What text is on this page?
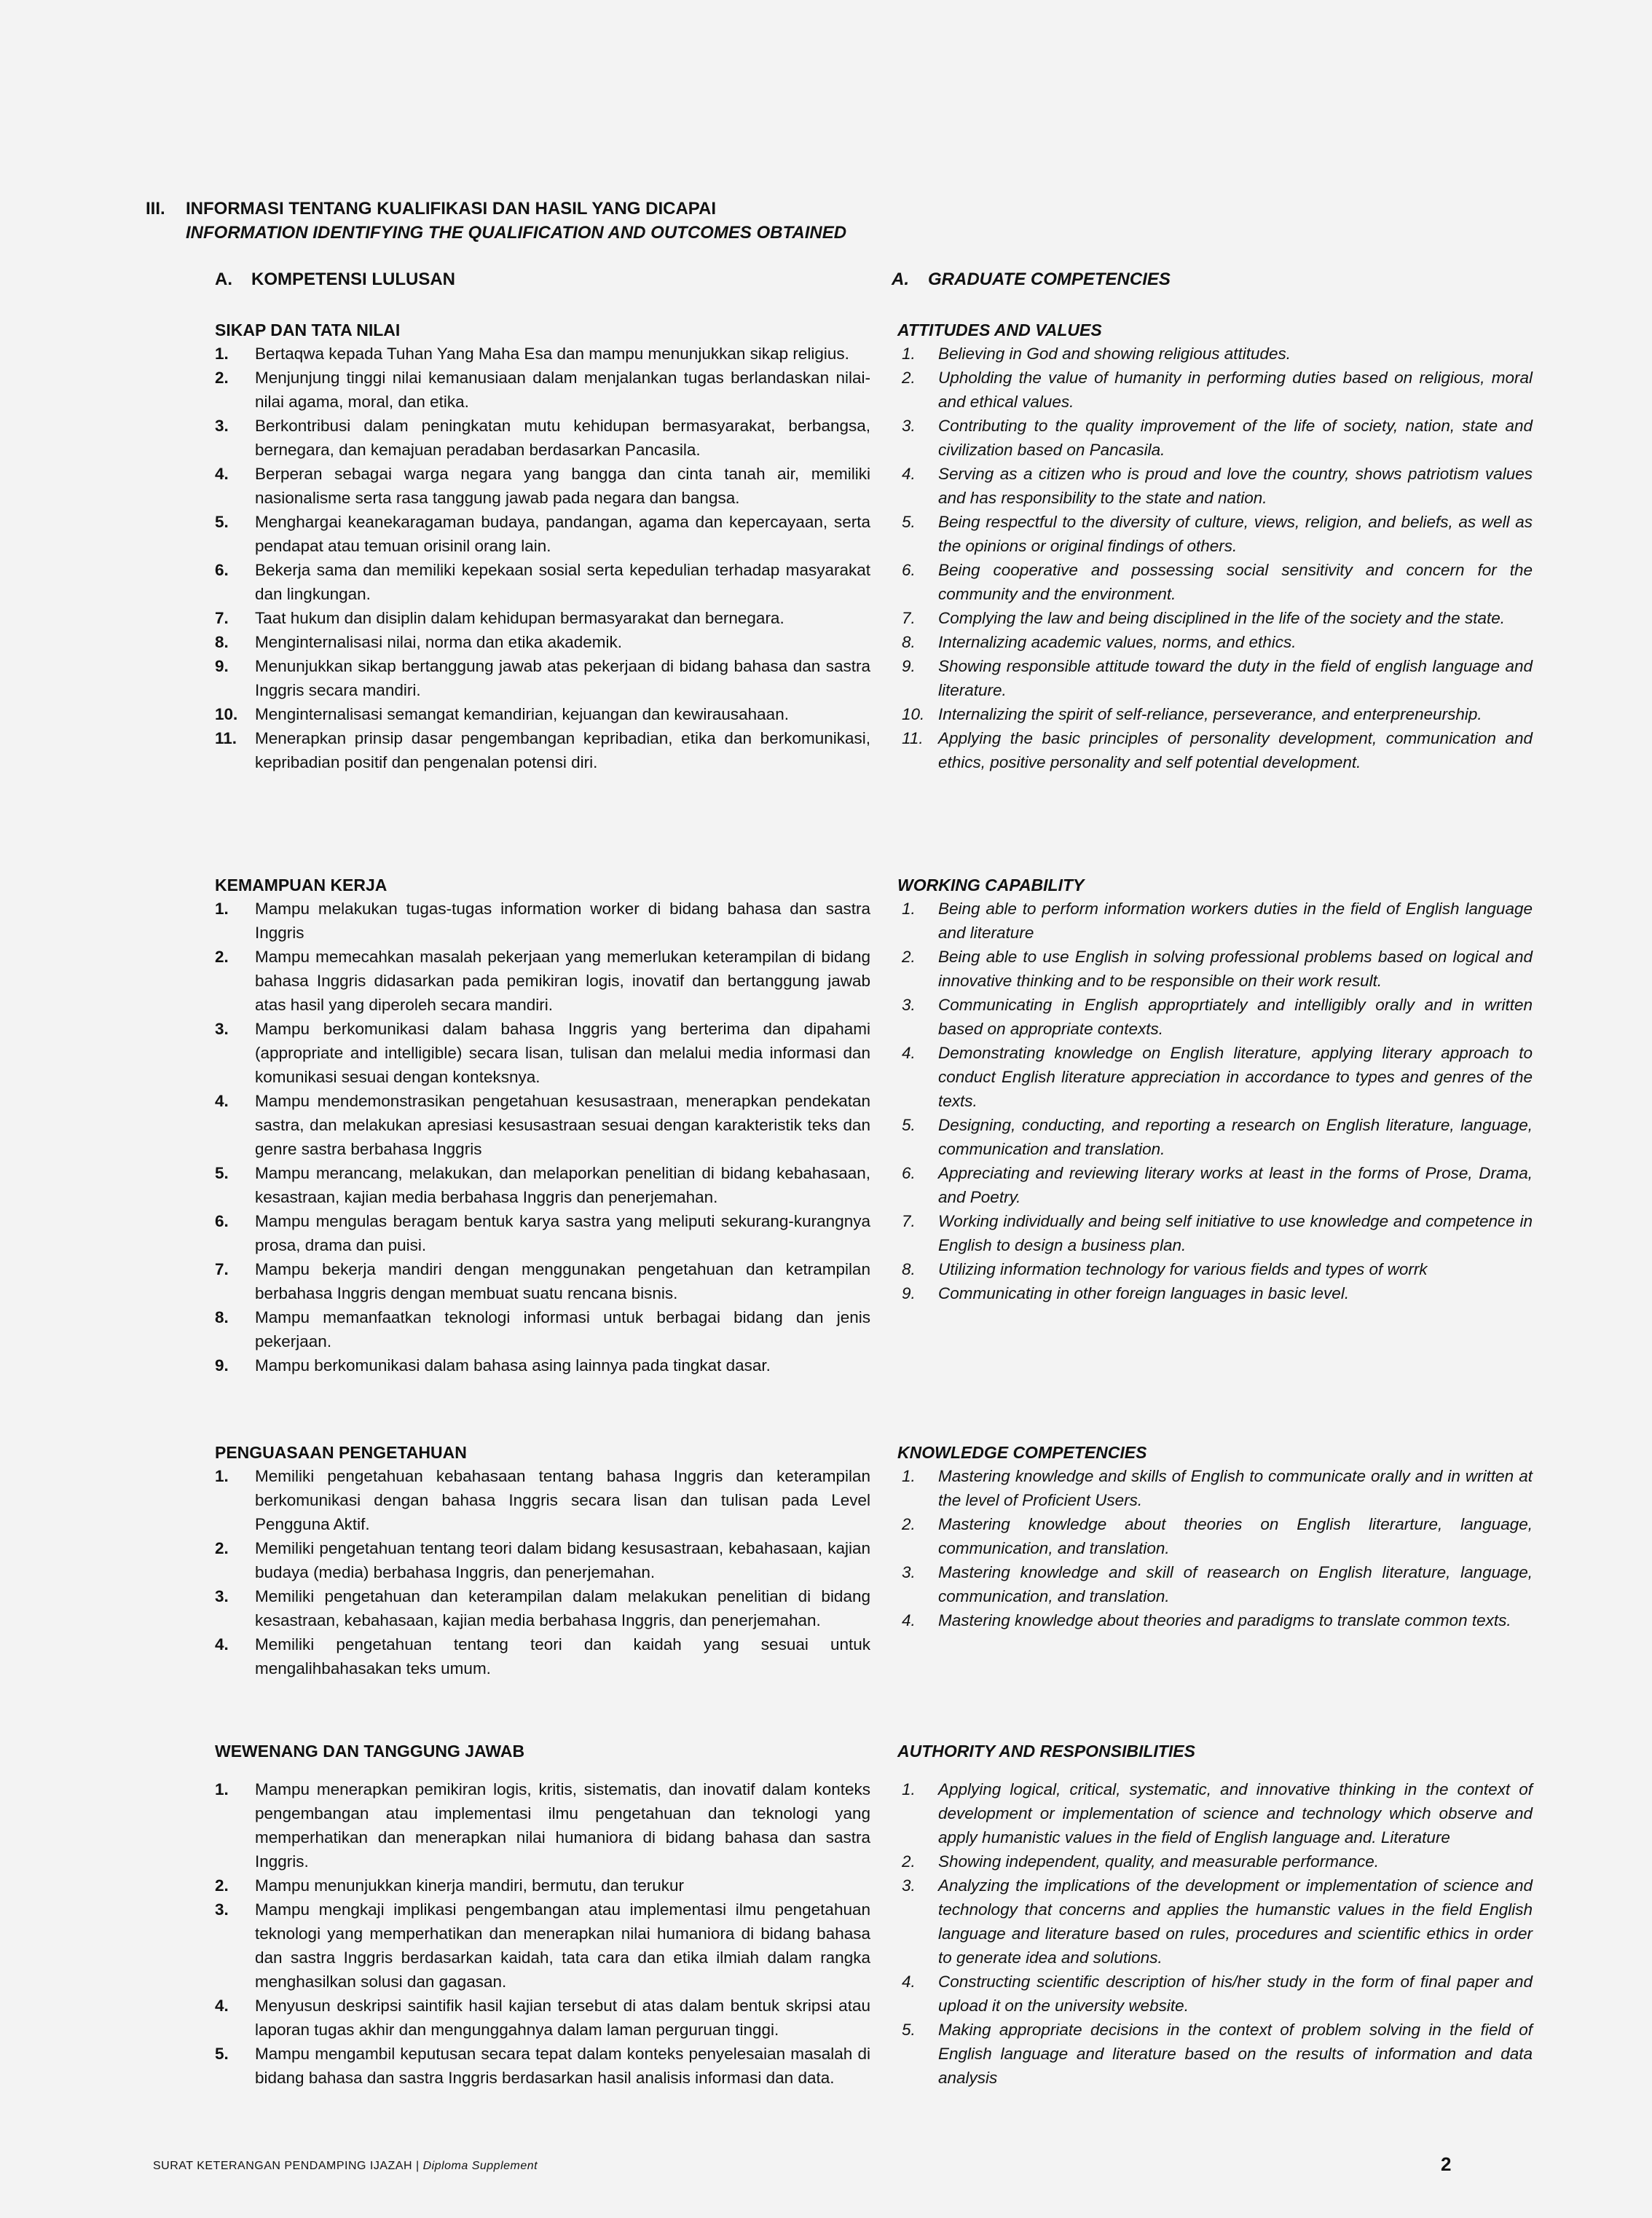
III. INFORMASI TENTANG KUALIFIKASI DAN HASIL YANG DICAPAI
INFORMATION IDENTIFYING THE QUALIFICATION AND OUTCOMES OBTAINED
A. KOMPETENSI LULUSAN	A. GRADUATE COMPETENCIES
SIKAP DAN TATA NILAI
1. Bertaqwa kepada Tuhan Yang Maha Esa dan mampu menunjukkan sikap religius.
2. Menjunjung tinggi nilai kemanusiaan dalam menjalankan tugas berlandaskan nilai-nilai agama, moral, dan etika.
3. Berkontribusi dalam peningkatan mutu kehidupan bermasyarakat, berbangsa, bernegara, dan kemajuan peradaban berdasarkan Pancasila.
4. Berperan sebagai warga negara yang bangga dan cinta tanah air, memiliki nasionalisme serta rasa tanggung jawab pada negara dan bangsa.
5. Menghargai keanekaragaman budaya, pandangan, agama dan kepercayaan, serta pendapat atau temuan orisinil orang lain.
6. Bekerja sama dan memiliki kepekaan sosial serta kepedulian terhadap masyarakat dan lingkungan.
7. Taat hukum dan disiplin dalam kehidupan bermasyarakat dan bernegara.
8. Menginternalisasi nilai, norma dan etika akademik.
9. Menunjukkan sikap bertanggung jawab atas pekerjaan di bidang bahasa dan sastra Inggris secara mandiri.
10. Menginternalisasi semangat kemandirian, kejuangan dan kewirausahaan.
11. Menerapkan prinsip dasar pengembangan kepribadian, etika dan berkomunikasi, kepribadian positif dan pengenalan potensi diri.
KEMAMPUAN KERJA
1. Mampu melakukan tugas-tugas information worker di bidang bahasa dan sastra Inggris
2. Mampu memecahkan masalah pekerjaan yang memerlukan keterampilan di bidang bahasa Inggris didasarkan pada pemikiran logis, inovatif dan bertanggung jawab atas hasil yang diperoleh secara mandiri.
3. Mampu berkomunikasi dalam bahasa Inggris yang berterima dan dipahami (appropriate and intelligible) secara lisan, tulisan dan melalui media informasi dan komunikasi sesuai dengan konteksnya.
4. Mampu mendemonstrasikan pengetahuan kesusastraan, menerapkan pendekatan sastra, dan melakukan apresiasi kesusastraan sesuai dengan karakteristik teks dan genre sastra berbahasa Inggris
5. Mampu merancang, melakukan, dan melaporkan penelitian di bidang kebahasaan, kesastraan, kajian media berbahasa Inggris dan penerjemahan.
6. Mampu mengulas beragam bentuk karya sastra yang meliputi sekurang-kurangnya prosa, drama dan puisi.
7. Mampu bekerja mandiri dengan menggunakan pengetahuan dan ketrampilan berbahasa Inggris dengan membuat suatu rencana bisnis.
8. Mampu memanfaatkan teknologi informasi untuk berbagai bidang dan jenis pekerjaan.
9. Mampu berkomunikasi dalam bahasa asing lainnya pada tingkat dasar.
PENGUASAAN PENGETAHUAN
1. Memiliki pengetahuan kebahasaan tentang bahasa Inggris dan keterampilan berkomunikasi dengan bahasa Inggris secara lisan dan tulisan pada Level Pengguna Aktif.
2. Memiliki pengetahuan tentang teori dalam bidang kesusastraan, kebahasaan, kajian budaya (media) berbahasa Inggris, dan penerjemahan.
3. Memiliki pengetahuan dan keterampilan dalam melakukan penelitian di bidang kesastraan, kebahasaan, kajian media berbahasa Inggris, dan penerjemahan.
4. Memiliki pengetahuan tentang teori dan kaidah yang sesuai untuk mengalihbahasakan teks umum.
WEWENANG DAN TANGGUNG JAWAB
1. Mampu menerapkan pemikiran logis, kritis, sistematis, dan inovatif dalam konteks pengembangan atau implementasi ilmu pengetahuan dan teknologi yang memperhatikan dan menerapkan nilai humaniora di bidang bahasa dan sastra Inggris.
2. Mampu menunjukkan kinerja mandiri, bermutu, dan terukur
3. Mampu mengkaji implikasi pengembangan atau implementasi ilmu pengetahuan teknologi yang memperhatikan dan menerapkan nilai humaniora di bidang bahasa dan sastra Inggris berdasarkan kaidah, tata cara dan etika ilmiah dalam rangka menghasilkan solusi dan gagasan.
4. Menyusun deskripsi saintifik hasil kajian tersebut di atas dalam bentuk skripsi atau laporan tugas akhir dan mengunggahnya dalam laman perguruan tinggi.
5. Mampu mengambil keputusan secara tepat dalam konteks penyelesaian masalah di bidang bahasa dan sastra Inggris berdasarkan hasil analisis informasi dan data.
ATTITUDES AND VALUES
1. Believing in God and showing religious attitudes.
2. Upholding the value of humanity in performing duties based on religious, moral and ethical values.
3. Contributing to the quality improvement of the life of society, nation, state and civilization based on Pancasila.
4. Serving as a citizen who is proud and love the country, shows patriotism values and has responsibility to the state and nation.
5. Being respectful to the diversity of culture, views, religion, and beliefs, as well as the opinions or original findings of others.
6. Being cooperative and possessing social sensitivity and concern for the community and the environment.
7. Complying the law and being disciplined in the life of the society and the state.
8. Internalizing academic values, norms, and ethics.
9. Showing responsible attitude toward the duty in the field of english language and literature.
10. Internalizing the spirit of self-reliance, perseverance, and enterpreneurship.
11. Applying the basic principles of personality development, communication and ethics, positive personality and self potential development.
WORKING CAPABILITY
1. Being able to perform information workers duties in the field of English language and literature
2. Being able to use English in solving professional problems based on logical and innovative thinking and to be responsible on their work result.
3. Communicating in English approprtiately and intelligibly orally and in written based on appropriate contexts.
4. Demonstrating knowledge on English literature, applying literary approach to conduct English literature appreciation in accordance to types and genres of the texts.
5. Designing, conducting, and reporting a research on English literature, language, communication and translation.
6. Appreciating and reviewing literary works at least in the forms of Prose, Drama, and Poetry.
7. Working individually and being self initiative to use knowledge and competence in English to design a business plan.
8. Utilizing information technology for various fields and types of worrk
9. Communicating in other foreign languages in basic level.
KNOWLEDGE COMPETENCIES
1. Mastering knowledge and skills of English to communicate orally and in written at the level of Proficient Users.
2. Mastering knowledge about theories on English literarture, language, communication, and translation.
3. Mastering knowledge and skill of reasearch on English literature, language, communication, and translation.
4. Mastering knowledge about theories and paradigms to translate common texts.
AUTHORITY AND RESPONSIBILITIES
1. Applying logical, critical, systematic, and innovative thinking in the context of development or implementation of science and technology which observe and apply humanistic values in the field of English language and. Literature
2. Showing independent, quality, and measurable performance.
3. Analyzing the implications of the development or implementation of science and technology that concerns and applies the humanstic values in the field English language and literature based on rules, procedures and scientific ethics in order to generate idea and solutions.
4. Constructing scientific description of his/her study in the form of final paper and upload it on the university website.
5. Making appropriate decisions in the context of problem solving in the field of English language and literature based on the results of information and data analysis
SURAT KETERANGAN PENDAMPING IJAZAH | Diploma Supplement	2
